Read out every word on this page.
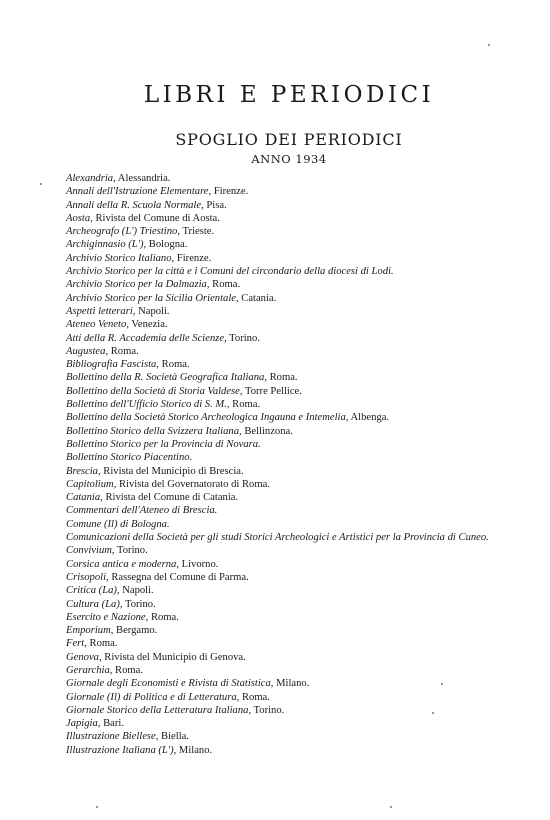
LIBRI E PERIODICI
SPOGLIO DEI PERIODICI
ANNO 1934
Alexandria, Alessandria.
Annali dell'Istruzione Elementare, Firenze.
Annali della R. Scuola Normale, Pisa.
Aosta, Rivista del Comune di Aosta.
Archeografo (L') Triestino, Trieste.
Archiginnasio (L'), Bologna.
Archivio Storico Italiano, Firenze.
Archivio Storico per la città e i Comuni del circondario della diocesi di Lodi.
Archivio Storico per la Dalmazia, Roma.
Archivio Storico per la Sicilia Orientale, Catania.
Aspetti letterari, Napoli.
Ateneo Veneto, Venezia.
Atti della R. Accademia delle Scienze, Torino.
Augustea, Roma.
Bibliografia Fascista, Roma.
Bollettino della R. Società Geografica Italiana, Roma.
Bollettino della Società di Storia Valdese, Torre Pellice.
Bollettino dell'Ufficio Storico di S. M., Roma.
Bollettino della Società Storico Archeologica Ingauna e Intemelia, Albenga.
Bollettino Storico della Svizzera Italiana, Bellinzona.
Bollettino Storico per la Provincia di Novara.
Bollettino Storico Piacentino.
Brescia, Rivista del Municipio di Brescia.
Capitolium, Rivista del Governatorato di Roma.
Catania, Rivista del Comune di Catania.
Commentari dell'Ateneo di Brescia.
Comune (Il) di Bologna.
Comunicazioni della Società per gli studi Storici Archeologici e Artistici per la Provincia di Cuneo.
Convivium, Torino.
Corsica antica e moderna, Livorno.
Crisopoli, Rassegna del Comune di Parma.
Critica (La), Napoli.
Cultura (La), Torino.
Esercito e Nazione, Roma.
Emporium, Bergamo.
Fert, Roma.
Genova, Rivista del Municipio di Genova.
Gerarchia, Roma.
Giornale degli Economisti e Rivista di Statistica, Milano.
Giornale (Il) di Politica e di Letteratura, Roma.
Giornale Storico della Letteratura Italiana, Torino.
Japigia, Bari.
Illustrazione Biellese, Biella.
Illustrazione Italiana (L'), Milano.
